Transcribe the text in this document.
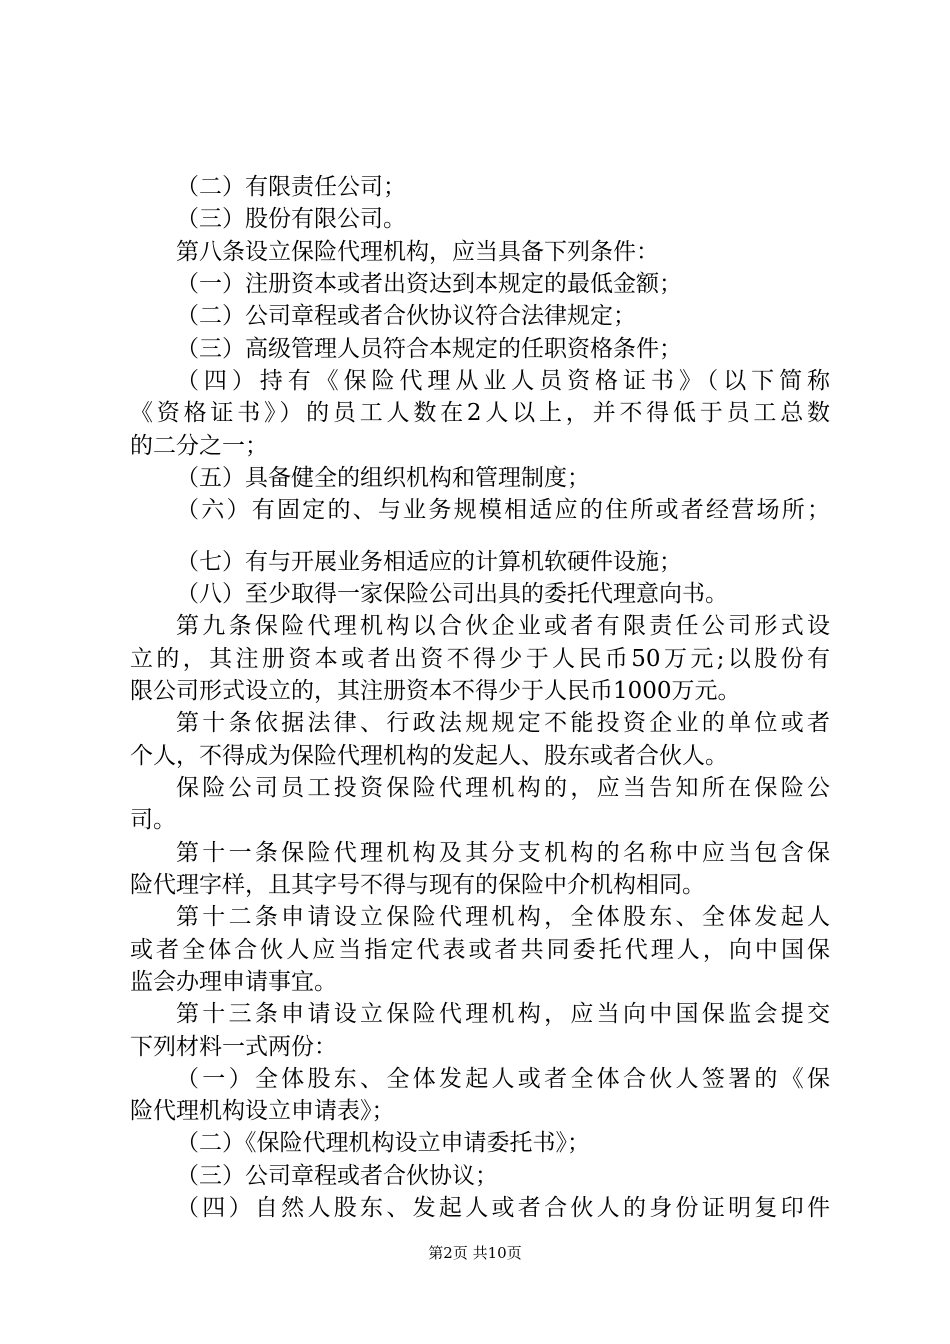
（二）有限责任公司；
（三）股份有限公司。
第八条设立保险代理机构，应当具备下列条件：
（一）注册资本或者出资达到本规定的最低金额；
（二）公司章程或者合伙协议符合法律规定；
（三）高级管理人员符合本规定的任职资格条件；
（四）持有《保险代理从业人员资格证书》（以下简称
《资格证书》）的员工人数在2人以上，并不得低于员工总数
的二分之一；
（五）具备健全的组织机构和管理制度；
（六）有固定的、与业务规模相适应的住所或者经营场所；
（七）有与开展业务相适应的计算机软硬件设施；
（八）至少取得一家保险公司出具的委托代理意向书。
第九条保险代理机构以合伙企业或者有限责任公司形式设
立的，其注册资本或者出资不得少于人民币50万元;以股份有
限公司形式设立的，其注册资本不得少于人民币1000万元。
第十条依据法律、行政法规规定不能投资企业的单位或者
个人，不得成为保险代理机构的发起人、股东或者合伙人。
保险公司员工投资保险代理机构的，应当告知所在保险公
司。
第十一条保险代理机构及其分支机构的名称中应当包含保
险代理字样，且其字号不得与现有的保险中介机构相同。
第十二条申请设立保险代理机构，全体股东、全体发起人
或者全体合伙人应当指定代表或者共同委托代理人，向中国保
监会办理申请事宜。
第十三条申请设立保险代理机构，应当向中国保监会提交
下列材料一式两份：
（一）全体股东、全体发起人或者全体合伙人签署的《保
险代理机构设立申请表》；
（二）《保险代理机构设立申请委托书》；
（三）公司章程或者合伙协议；
（四）自然人股东、发起人或者合伙人的身份证明复印件
第2页 共10页
